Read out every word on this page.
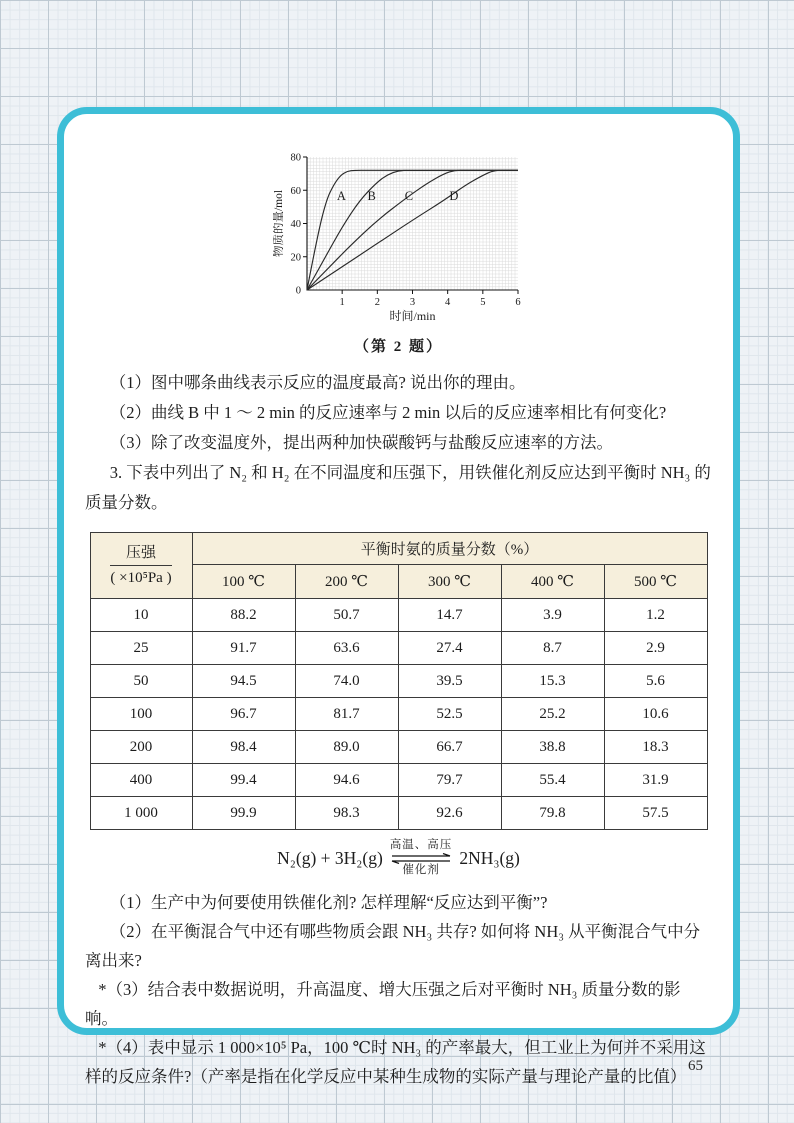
0
20
40
60
80
1	2	3	4	5	6
物质的量/mol
时间/min
A B C	D
（第 2 题）

（1）图中哪条曲线表示反应的温度最高? 说出你的理由。

（2）曲线 B 中 1 ～ 2 min 的反应速率与 2 min 以后的反应速率相比有何变化?

（3）除了改变温度外，提出两种加快碳酸钙与盐酸反应速率的方法。

3. 下表中列出了 N₂ 和 H₂ 在不同温度和压强下，用铁催化剂反应达到平衡时 NH₃ 的质量分数。

压强
( ×10⁵Pa )	平衡时氨的质量分数（%）				
	100 ℃	200 ℃	300 ℃	400 ℃	500 ℃
10	88.2	50.7	14.7	3.9	1.2
25	91.7	63.6	27.4	8.7	2.9
50	94.5	74.0	39.5	15.3	5.6
100	96.7	81.7	52.5	25.2	10.6
200	98.4	89.0	66.7	38.8	18.3
400	99.4	94.6	79.7	55.4	31.9
1 000	99.9	98.3	92.6	79.8	57.5
N₂(g) + 3H₂(g)
高温、高压
催化剂
2NH₃(g)

（1）生产中为何要使用铁催化剂? 怎样理解“反应达到平衡”?

（2）在平衡混合气中还有哪些物质会跟 NH₃ 共存? 如何将 NH₃ 从平衡混合气中分离出来?

*（3）结合表中数据说明，升高温度、增大压强之后对平衡时 NH₃ 质量分数的影响。

*（4）表中显示 1 000×10⁵ Pa，100 ℃时 NH₃ 的产率最大，但工业上为何并不采用这样的反应条件?（产率是指在化学反应中某种生成物的实际产量与理论产量的比值）

65
